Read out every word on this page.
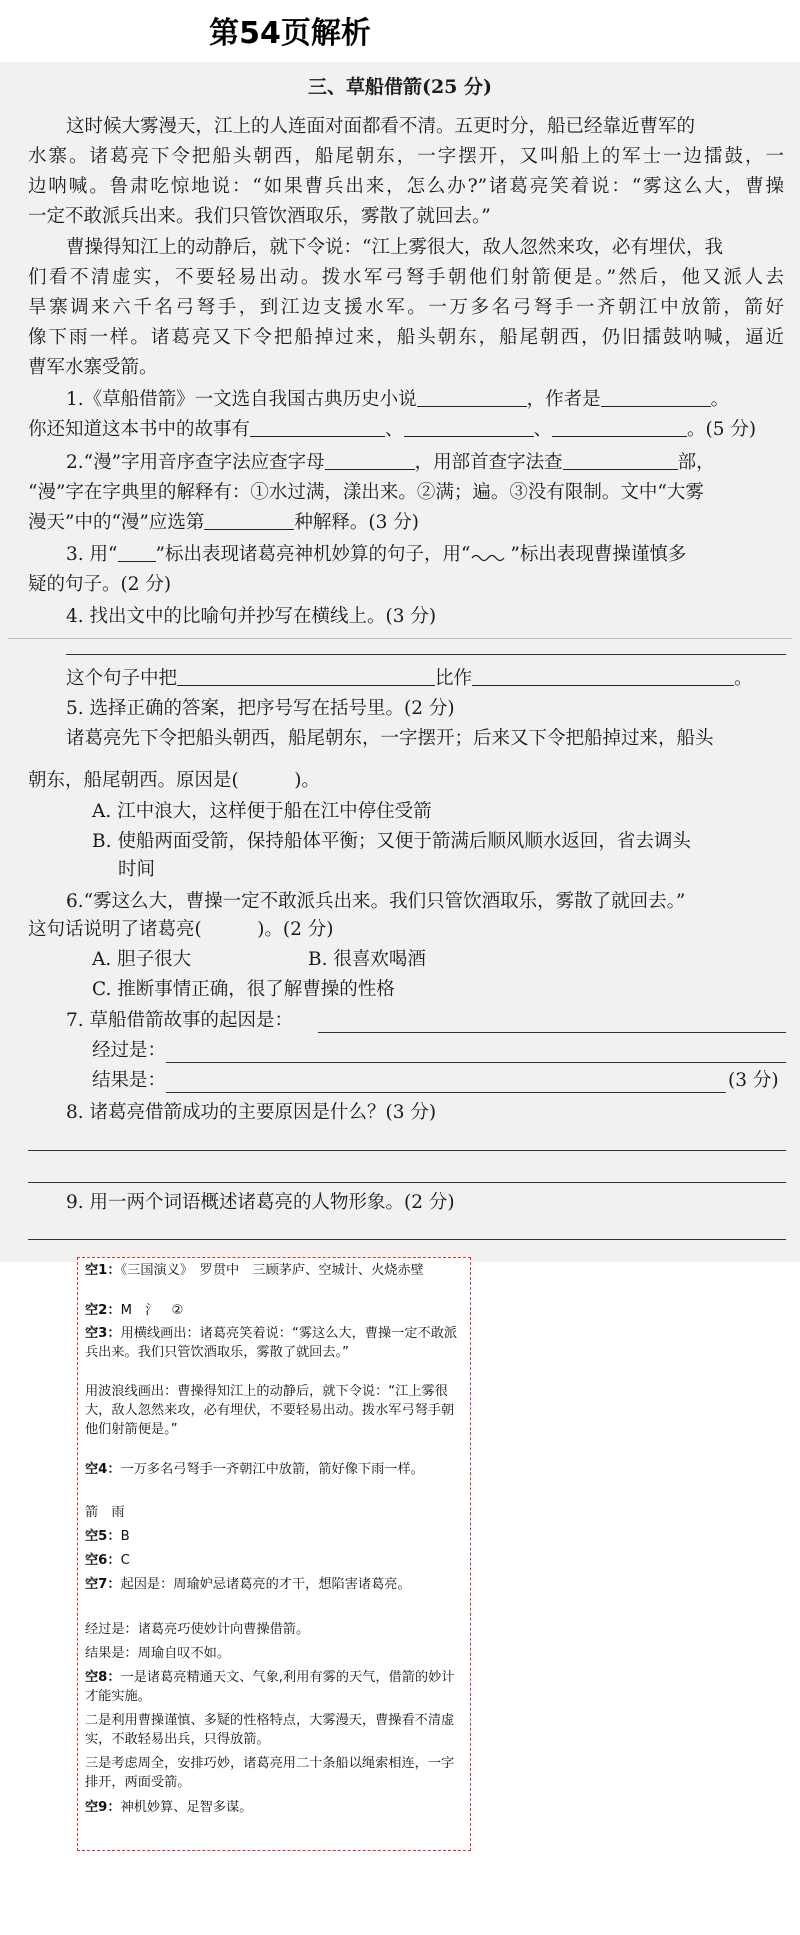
第54页解析
三、草船借箭(25 分)
这时候大雾漫天，江上的人连面对面都看不清。五更时分，船已经靠近曹军的
水寨。诸葛亮下令把船头朝西，船尾朝东，一字摆开，又叫船上的军士一边擂鼓，一
边呐喊。鲁肃吃惊地说：“如果曹兵出来，怎么办?”诸葛亮笑着说：“雾这么大，曹操
一定不敢派兵出来。我们只管饮酒取乐，雾散了就回去。”
曹操得知江上的动静后，就下令说：“江上雾很大，敌人忽然来攻，必有埋伏，我
们看不清虚实，不要轻易出动。拨水军弓弩手朝他们射箭便是。”然后，他又派人去
旱寨调来六千名弓弩手，到江边支援水军。一万多名弓弩手一齐朝江中放箭，箭好
像下雨一样。诸葛亮又下令把船掉过来，船头朝东，船尾朝西，仍旧擂鼓呐喊，逼近
曹军水寨受箭。
1.《草船借箭》一文选自我国古典历史小说	，作者是	。
你还知道这本书中的故事有	、	、	。(5 分)
2.“漫”字用音序查字法应查字母	，用部首查字法查	部，
“漫”字在字典里的解释有：①水过满，漾出来。②满；遍。③没有限制。文中“大雾
漫天”中的“漫”应选第	种解释。(3 分)
3. 用“ ”标出表现诸葛亮神机妙算的句子，用“ ”标出表现曹操谨慎多
疑的句子。(2 分)
4. 找出文中的比喻句并抄写在横线上。(3 分)
这个句子中把	比作	。
5. 选择正确的答案，把序号写在括号里。(2 分)
诸葛亮先下令把船头朝西，船尾朝东，一字摆开；后来又下令把船掉过来，船头
朝东，船尾朝西。原因是(　　　)。
A. 江中浪大，这样便于船在江中停住受箭
B. 使船两面受箭，保持船体平衡；又便于箭满后顺风顺水返回，省去调头
时间
6.“雾这么大，曹操一定不敢派兵出来。我们只管饮酒取乐，雾散了就回去。”
这句话说明了诸葛亮(　　　)。(2 分)
A. 胆子很大	B. 很喜欢喝酒
C. 推断事情正确，很了解曹操的性格
7. 草船借箭故事的起因是：
经过是：
结果是：	(3 分)
8. 诸葛亮借箭成功的主要原因是什么？(3 分)
9. 用一两个词语概述诸葛亮的人物形象。(2 分)
空1：《三国演义》　罗贯中　三顾茅庐、空城计、火烧赤壁
空2：M　氵　②
空3：用横线画出：诸葛亮笑着说：“雾这么大，曹操一定不敢派兵出来。我们只管饮酒取乐，雾散了就回去。”
用波浪线画出：曹操得知江上的动静后，就下令说：“江上雾很大，敌人忽然来攻，必有埋伏，不要轻易出动。拨水军弓弩手朝他们射箭便是。”
空4：一万多名弓弩手一齐朝江中放箭，箭好像下雨一样。
箭　雨
空5：B
空6：C
空7：起因是：周瑜妒忌诸葛亮的才干，想陷害诸葛亮。
经过是：诸葛亮巧使妙计向曹操借箭。
结果是：周瑜自叹不如。
空8：一是诸葛亮精通天文、气象,利用有雾的天气，借箭的妙计才能实施。
二是利用曹操谨慎、多疑的性格特点，大雾漫天，曹操看不清虚实，不敢轻易出兵，只得放箭。
三是考虑周全，安排巧妙，诸葛亮用二十条船以绳索相连，一字排开，两面受箭。
空9：神机妙算、足智多谋。
